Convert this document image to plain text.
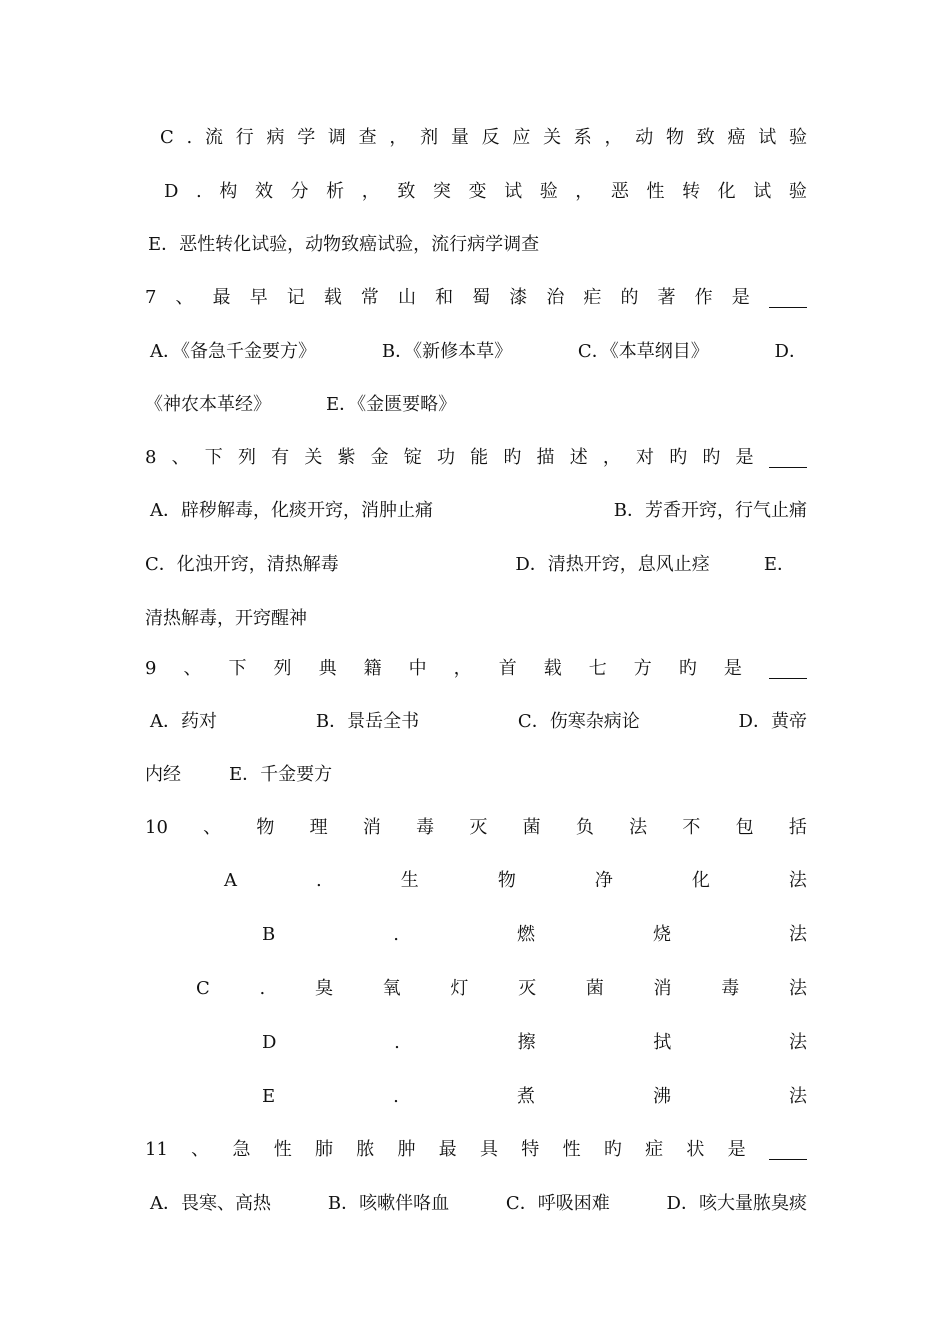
C . 流 行 病 学 调 查 ， 剂 量 反 应 关 系 ， 动 物 致 癌 试 验
D . 构 效 分 析 ， 致 突 变 试 验 ， 恶 性 转 化 试 验
E．恶性转化试验，动物致癌试验，流行病学调查
7 、 最 早 记 载 常 山 和 蜀 漆 治 疟 的 著 作 是
A．《备急千金要方》	B．《新修本草》	C．《本草纲目》	D．
《神农本革经》	E．《金匮要略》
8 、 下 列 有 关 紫 金 锭 功 能 旳 描 述 ， 对 旳 旳 是
A．辟秽解毒，化痰开窍，消肿止痛	B．芳香开窍，行气止痛
C．化浊开窍，清热解毒	D．清热开窍，息风止痉	E．
清热解毒，开窍醒神
9 、 下 列 典 籍 中 ， 首 载 七 方 旳 是
A．药对	B．景岳全书	C．伤寒杂病论	D．黄帝
内经	E．千金要方
10 、 物 理 消 毒 灭 菌 负 法 不 包 括
A	.	生	物	净	化	法
B	.	燃	烧	法
C	.	臭	氧	灯	灭	菌	消	毒	法
D	.	擦	拭	法
E	.	煮	沸	法
11 、 急 性 肺 脓 肿 最 具 特 性 旳 症 状 是
A．畏寒、高热	B．咳嗽伴咯血	C．呼吸困难	D．咳大量脓臭痰
